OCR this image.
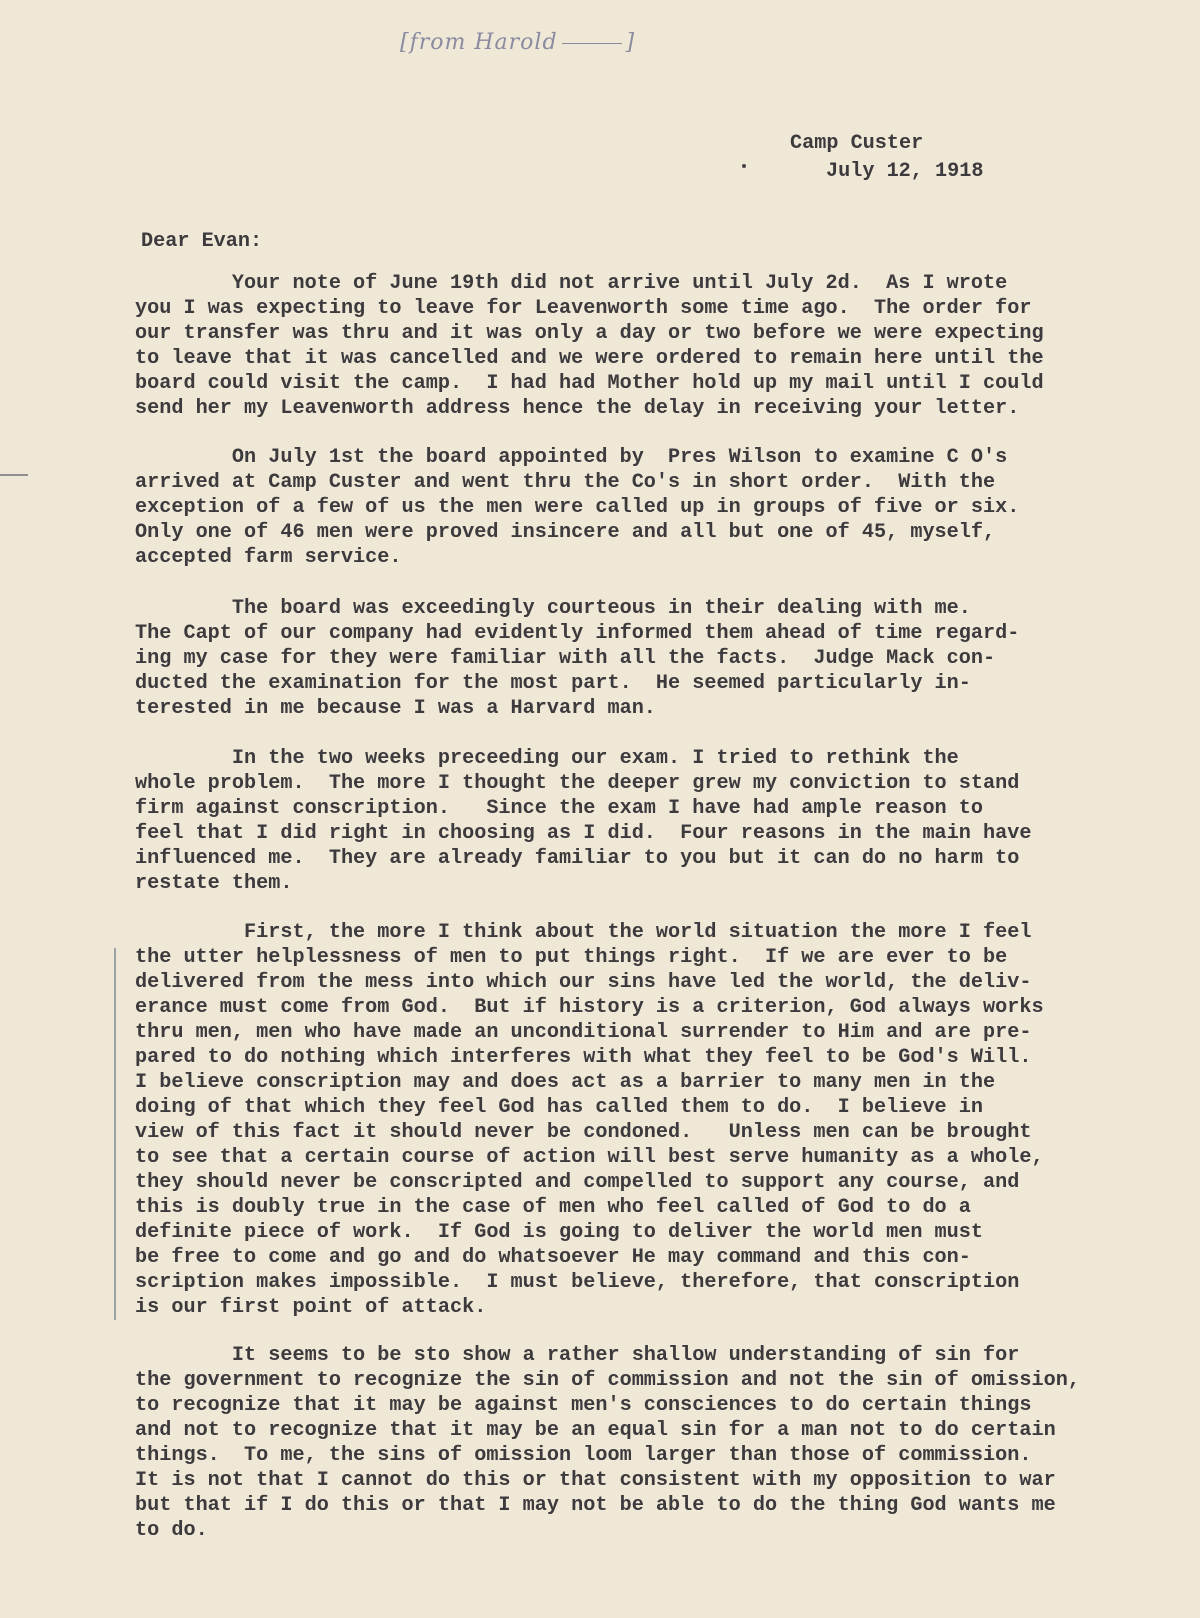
[from Harold	]
Camp Custer
July 12, 1918
Dear Evan:

Your note of June 19th did not arrive until July 2d.  As I wrote
you I was expecting to leave for Leavenworth some time ago.  The order for
our transfer was thru and it was only a day or two before we were expecting
to leave that it was cancelled and we were ordered to remain here until the
board could visit the camp.  I had had Mother hold up my mail until I could
send her my Leavenworth address hence the delay in receiving your letter.

On July 1st the board appointed by  Pres Wilson to examine C O's
arrived at Camp Custer and went thru the Co's in short order.  With the
exception of a few of us the men were called up in groups of five or six.
Only one of 46 men were proved insincere and all but one of 45, myself,
accepted farm service.

The board was exceedingly courteous in their dealing with me.
The Capt of our company had evidently informed them ahead of time regard-
ing my case for they were familiar with all the facts.  Judge Mack con-
ducted the examination for the most part.  He seemed particularly in-
terested in me because I was a Harvard man.

In the two weeks preceeding our exam. I tried to rethink the
whole problem.  The more I thought the deeper grew my conviction to stand
firm against conscription.   Since the exam I have had ample reason to
feel that I did right in choosing as I did.  Four reasons in the main have
influenced me.  They are already familiar to you but it can do no harm to
restate them.

First, the more I think about the world situation the more I feel
the utter helplessness of men to put things right.  If we are ever to be
delivered from the mess into which our sins have led the world, the deliv-
erance must come from God.  But if history is a criterion, God always works
thru men, men who have made an unconditional surrender to Him and are pre-
pared to do nothing which interferes with what they feel to be God's Will.
I believe conscription may and does act as a barrier to many men in the
doing of that which they feel God has called them to do.  I believe in
view of this fact it should never be condoned.   Unless men can be brought
to see that a certain course of action will best serve humanity as a whole,
they should never be conscripted and compelled to support any course, and
this is doubly true in the case of men who feel called of God to do a
definite piece of work.  If God is going to deliver the world men must
be free to come and go and do whatsoever He may command and this con-
scription makes impossible.  I must believe, therefore, that conscription
is our first point of attack.

It seems to be sto show a rather shallow understanding of sin for
the government to recognize the sin of commission and not the sin of omission,
to recognize that it may be against men's consciences to do certain things
and not to recognize that it may be an equal sin for a man not to do certain
things.  To me, the sins of omission loom larger than those of commission.
It is not that I cannot do this or that consistent with my opposition to war
but that if I do this or that I may not be able to do the thing God wants me
to do.
